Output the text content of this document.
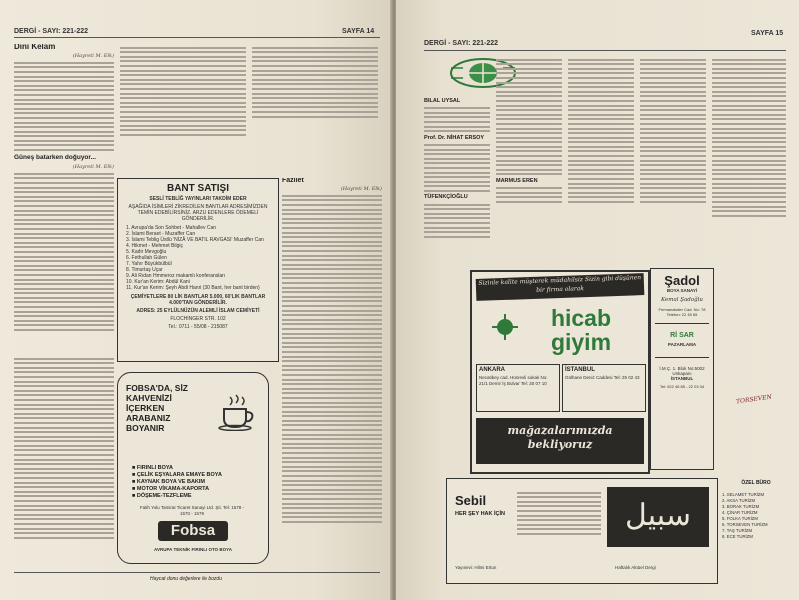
DERGİ - SAYI: 221-222	SAYFA 14
Dinî Kelam
(Hayreti M. Elk)
Güneş batarken doğuyor...
(Hayreti M. Elk)
BANT SATIŞI
SESLİ TEBLİĞ YAYINLARI TAKDİM EDER
AŞAĞIDA İSİMLERİ ZİKREDİLEN BANTLAR ADRESİMİZDEN TEMİN EDEBİLİRSİNİZ. ARZU EDENLERE ÖDEMELİ GÖNDERİLİR.
1. Avrupa'da Son Sohbet - Mahallev Can
2. İslami Beraet - Muzaffer Can
3. İslami Teblig Üstlü 'NİZÂ VE BATIL RAVGASI' Muzaffer Can
4. Hikmet - Mehmet Bilgiç
5. Kadir Mevgoğlu
6. Fethullah Gülen
7. Yahır Büyükbülbül
8. Timurtaş Uçar
9. Ali Rıdan Hmmeroz makamlı konferansları
10. Kur'an Kerim: Abdül Kani
11. Kur'an Kerim: Şeyh Abdi Hanri (30 Bant, her bant birden)
ÇEMİYETLERE 80 LİK BANTLAR 5.000, 60'LIK BANTLAR 4.000'TAN GÖNDERİLİR.
ADRES: 25 EYLÜLNÜZÜN ALEMLİ İSLAM CEMİYETİ
FLOCHINGER STR. 102
Tel.: 0711 - 55/08 - 215087
Fazilet
(Hayreti M. Elk)
FOBSA'DA, SİZ KAHVENİZİ İÇERKEN ARABANIZ BOYANIR
■ FIRINLI BOYA
■ ÇELİK EŞYALARA EMAYE BOYA
■ KAYNAK BOYA VE BAKIM
■ MOTOR VİKAMA-KAPORTA
■ DÖŞEME-TEZFLEME
Fatih Yolu Tamirat Ticaret Sanayi Ltd. Şti. Tel: 1578 - 1570 - 1579
Fobsa
AVRUPA TEKNİK FIRINLI OTO BOYA
Haycat donu değerlere ile bozdu
DERGİ - SAYI: 221-222
SAYFA 15
BİLAL UYSAL
Prof. Dr. NİHAT ERSOY
TÜFENKÇİOĞLU
MARMUS EREN
Sizinle kalite müşterek müdahilsiz Sizin gibi düşünen bir firma olarak
hicab giyim
ANKARA
Necatibey cad. Hüsrevli sokak No: 21/1 Demir İş Bulvar Tel: 30 07 10
İSTANBUL
Gülhane Deniz Caddesi Tel: 25 02 43
mağazalarımızda bekliyoruz
Şadol
BOYA SANAYİ
Kemal Şadoğlu
Fermanatciler Cad. No: 78
Telefon: 22 45 65
Rİ SAR
PAZARLAMA
İ.M.Ç. 1. Blok No:5002
Unkapanı
İSTANBUL
Tel: 522 46 85 - 22 03 34
Sebil
HER ŞEY HAK İÇİN	سبيل
Yayınevi: Hilmi Ertun	Haftalık Aktüel Dergi
ÖZEL BÜRO
1. SELAMET TURİZM
2. AKSA TURİZM
3. BORAK TURİZM
4. ÇİNAR TURİZM
5. FOLKA TURİZM
6. TORSEVEN TURİZM
7. TAŞ TURİZM
8. ECE TURİZM
TORSEVEN
